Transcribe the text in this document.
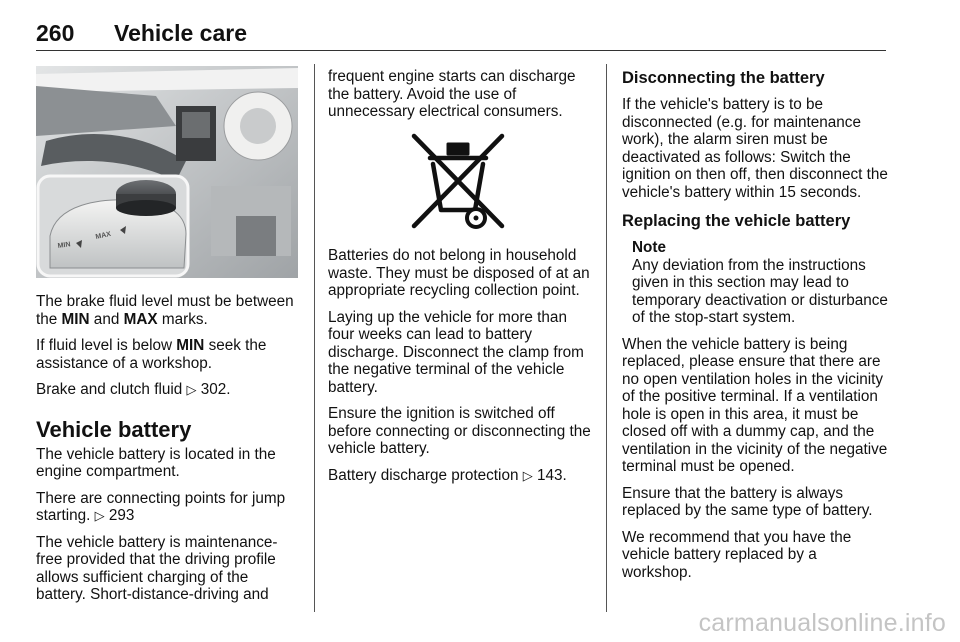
260 Vehicle care
MAX
MIN

The brake fluid level must be between the MIN and MAX marks.

If fluid level is below MIN seek the assistance of a workshop.

Brake and clutch fluid ▷ 302.

Vehicle battery

The vehicle battery is located in the engine compartment.

There are connecting points for jump starting. ▷ 293

The vehicle battery is maintenance-free provided that the driving profile allows sufficient charging of the battery. Short-distance-driving and

frequent engine starts can discharge the battery. Avoid the use of unnecessary electrical consumers.

Batteries do not belong in household waste. They must be disposed of at an appropriate recycling collection point.

Laying up the vehicle for more than four weeks can lead to battery discharge. Disconnect the clamp from the negative terminal of the vehicle battery.

Ensure the ignition is switched off before connecting or disconnecting the vehicle battery.

Battery discharge protection ▷ 143.

Disconnecting the battery

If the vehicle's battery is to be disconnected (e.g. for maintenance work), the alarm siren must be deactivated as follows: Switch the ignition on then off, then disconnect the vehicle's battery within 15 seconds.

Replacing the vehicle battery
Note
Any deviation from the instructions given in this section may lead to temporary deactivation or disturbance of the stop-start system.

When the vehicle battery is being replaced, please ensure that there are no open ventilation holes in the vicinity of the positive terminal. If a ventilation hole is open in this area, it must be closed off with a dummy cap, and the ventilation in the vicinity of the negative terminal must be opened.

Ensure that the battery is always replaced by the same type of battery.

We recommend that you have the vehicle battery replaced by a workshop.

carmanualsonline.info
